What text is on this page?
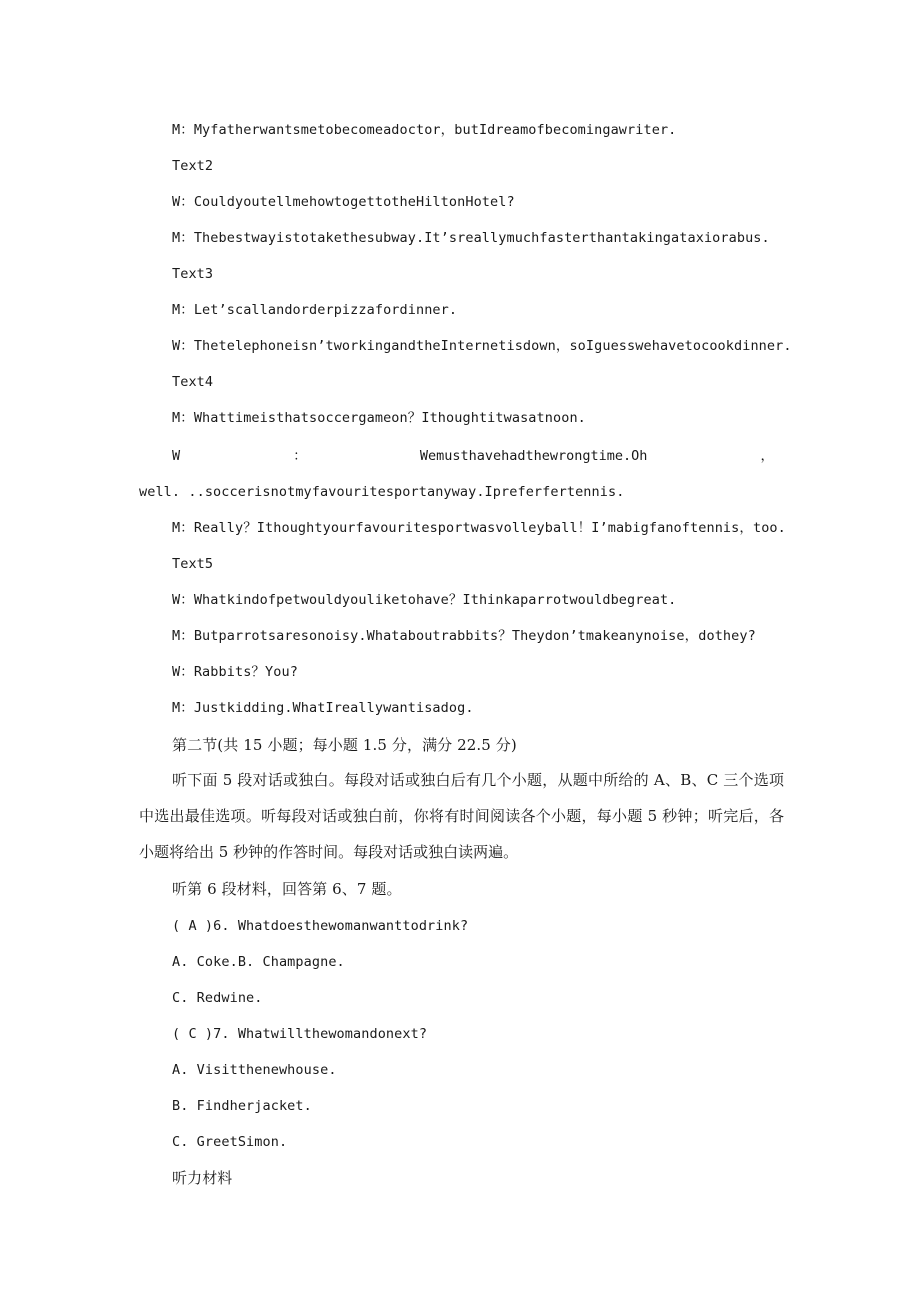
M：Myfatherwantsmetobecomeadoctor，butIdreamofbecomingawriter.
Text2
W：CouldyoutellmehowtogettotheHiltonHotel?
M：Thebestwayistotakethesubway.It’sreallymuchfasterthantakingataxiorabus.
Text3
M：Let’scallandorderpizzafordinner.
W：Thetelephoneisn’tworkingandtheInternetisdown，soIguesswehavetocookdinner.
Text4
M：Whattimeisthatsoccergameon？Ithoughtitwasatnoon.
W	：	Wemusthavehadthewrongtime.Oh	，
well. ..soccerisnotmyfavouritesportanyway.Ipreferfertennis.
M：Really？Ithoughtyourfavouritesportwasvolleyball！I’mabigfanoftennis，too.
Text5
W：Whatkindofpetwouldyouliketohave？Ithinkaparrotwouldbegreat.
M：Butparrotsaresonoisy.Whataboutrabbits？Theydon’tmakeanynoise，dothey?
W：Rabbits？You?
M：Justkidding.WhatIreallywantisadog.
第二节(共 15 小题；每小题 1.5 分，满分 22.5 分)
听下面 5 段对话或独白。每段对话或独白后有几个小题，从题中所给的 A、B、C 三个选项中选出最佳选项。听每段对话或独白前，你将有时间阅读各个小题，每小题 5 秒钟；听完后，各小题将给出 5 秒钟的作答时间。每段对话或独白读两遍。
听第 6 段材料，回答第 6、7 题。
( A )6. Whatdoesthewomanwanttodrink?
A. Coke.B. Champagne.
C. Redwine.
( C )7. Whatwillthewomandonext?
A. Visitthenewhouse.
B. Findherjacket.
C. GreetSimon.
听力材料
